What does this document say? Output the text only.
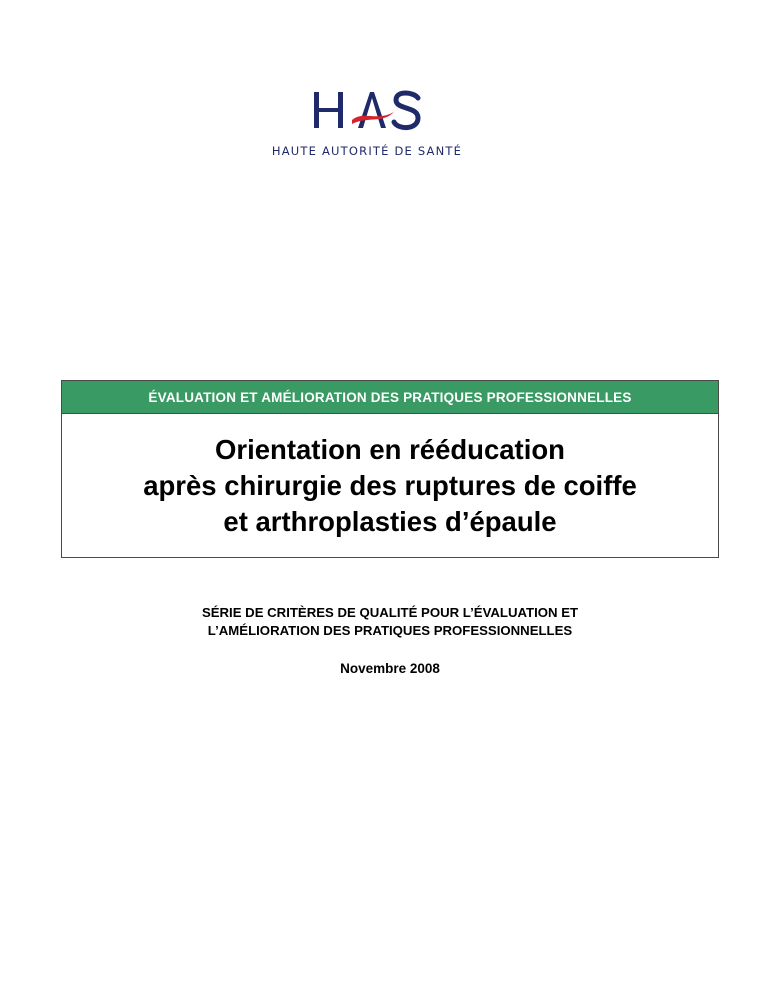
HAUTE AUTORITÉ DE SANTÉ
ÉVALUATION ET AMÉLIORATION DES PRATIQUES PROFESSIONNELLES
Orientation en rééducation
après chirurgie des ruptures de coiffe
et arthroplasties d’épaule
SÉRIE DE CRITÈRES DE QUALITÉ POUR L’ÉVALUATION ET
L’AMÉLIORATION DES PRATIQUES PROFESSIONNELLES
Novembre 2008
